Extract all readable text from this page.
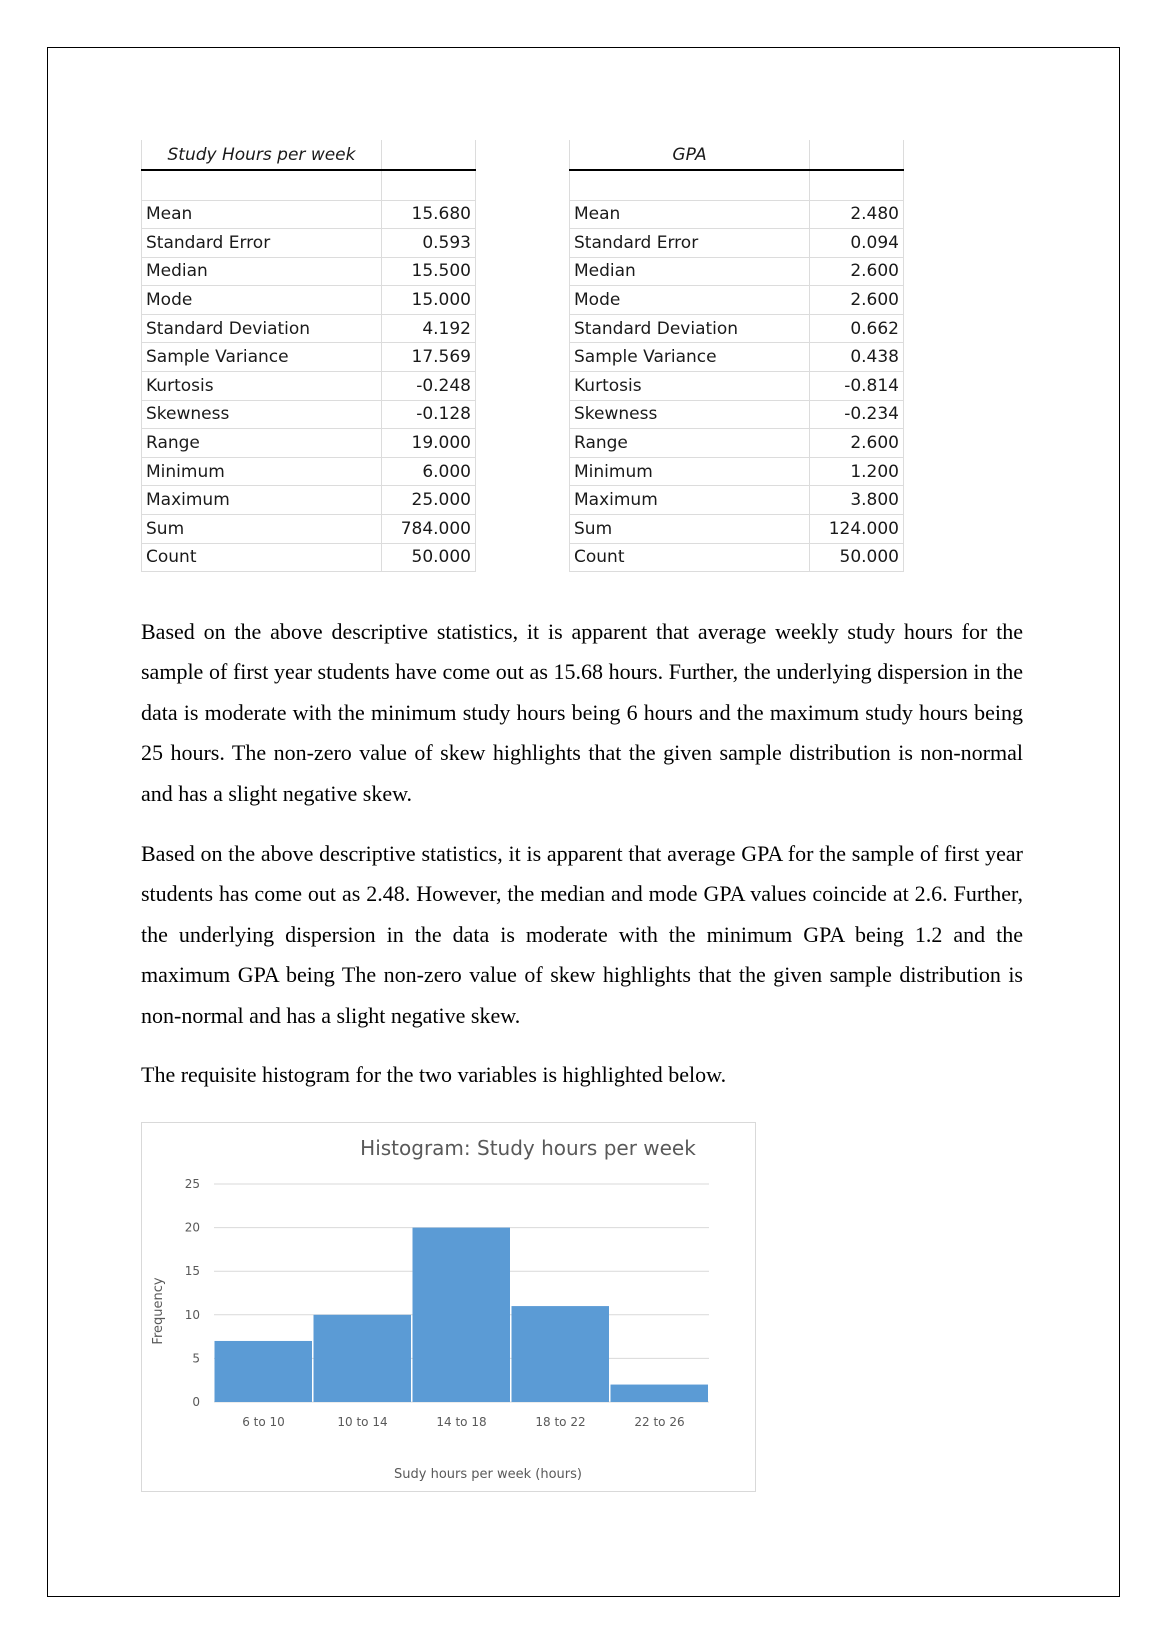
Study Hours per week			GPA	

Mean	15.680		Mean	2.480
Standard Error	0.593		Standard Error	0.094
Median	15.500		Median	2.600
Mode	15.000		Mode	2.600
Standard Deviation	4.192		Standard Deviation	0.662
Sample Variance	17.569		Sample Variance	0.438
Kurtosis	-0.248		Kurtosis	-0.814
Skewness	-0.128		Skewness	-0.234
Range	19.000		Range	2.600
Minimum	6.000		Minimum	1.200
Maximum	25.000		Maximum	3.800
Sum	784.000		Sum	124.000
Count	50.000		Count	50.000

Based on the above descriptive statistics, it is apparent that average weekly study hours for the sample of first year students have come out as 15.68 hours. Further, the underlying dispersion in the data is moderate with the minimum study hours being 6 hours and the maximum study hours being 25 hours. The non-zero value of skew highlights that the given sample distribution is non-normal and has a slight negative skew.

Based on the above descriptive statistics, it is apparent that average GPA for the sample of first year students has come out as 2.48. However, the median and mode GPA values coincide at 2.6. Further, the underlying dispersion in the data is moderate with the minimum GPA being 1.2 and the maximum GPA being The non-zero value of skew highlights that the given sample distribution is non-normal and has a slight negative skew.

The requisite histogram for the two variables is highlighted below.

Histogram: Study hours per week
Frequency
Sudy hours per week (hours)
0
5
10
15
20
25
6 to 10	10 to 14	14 to 18	18 to 22	22 to 26
